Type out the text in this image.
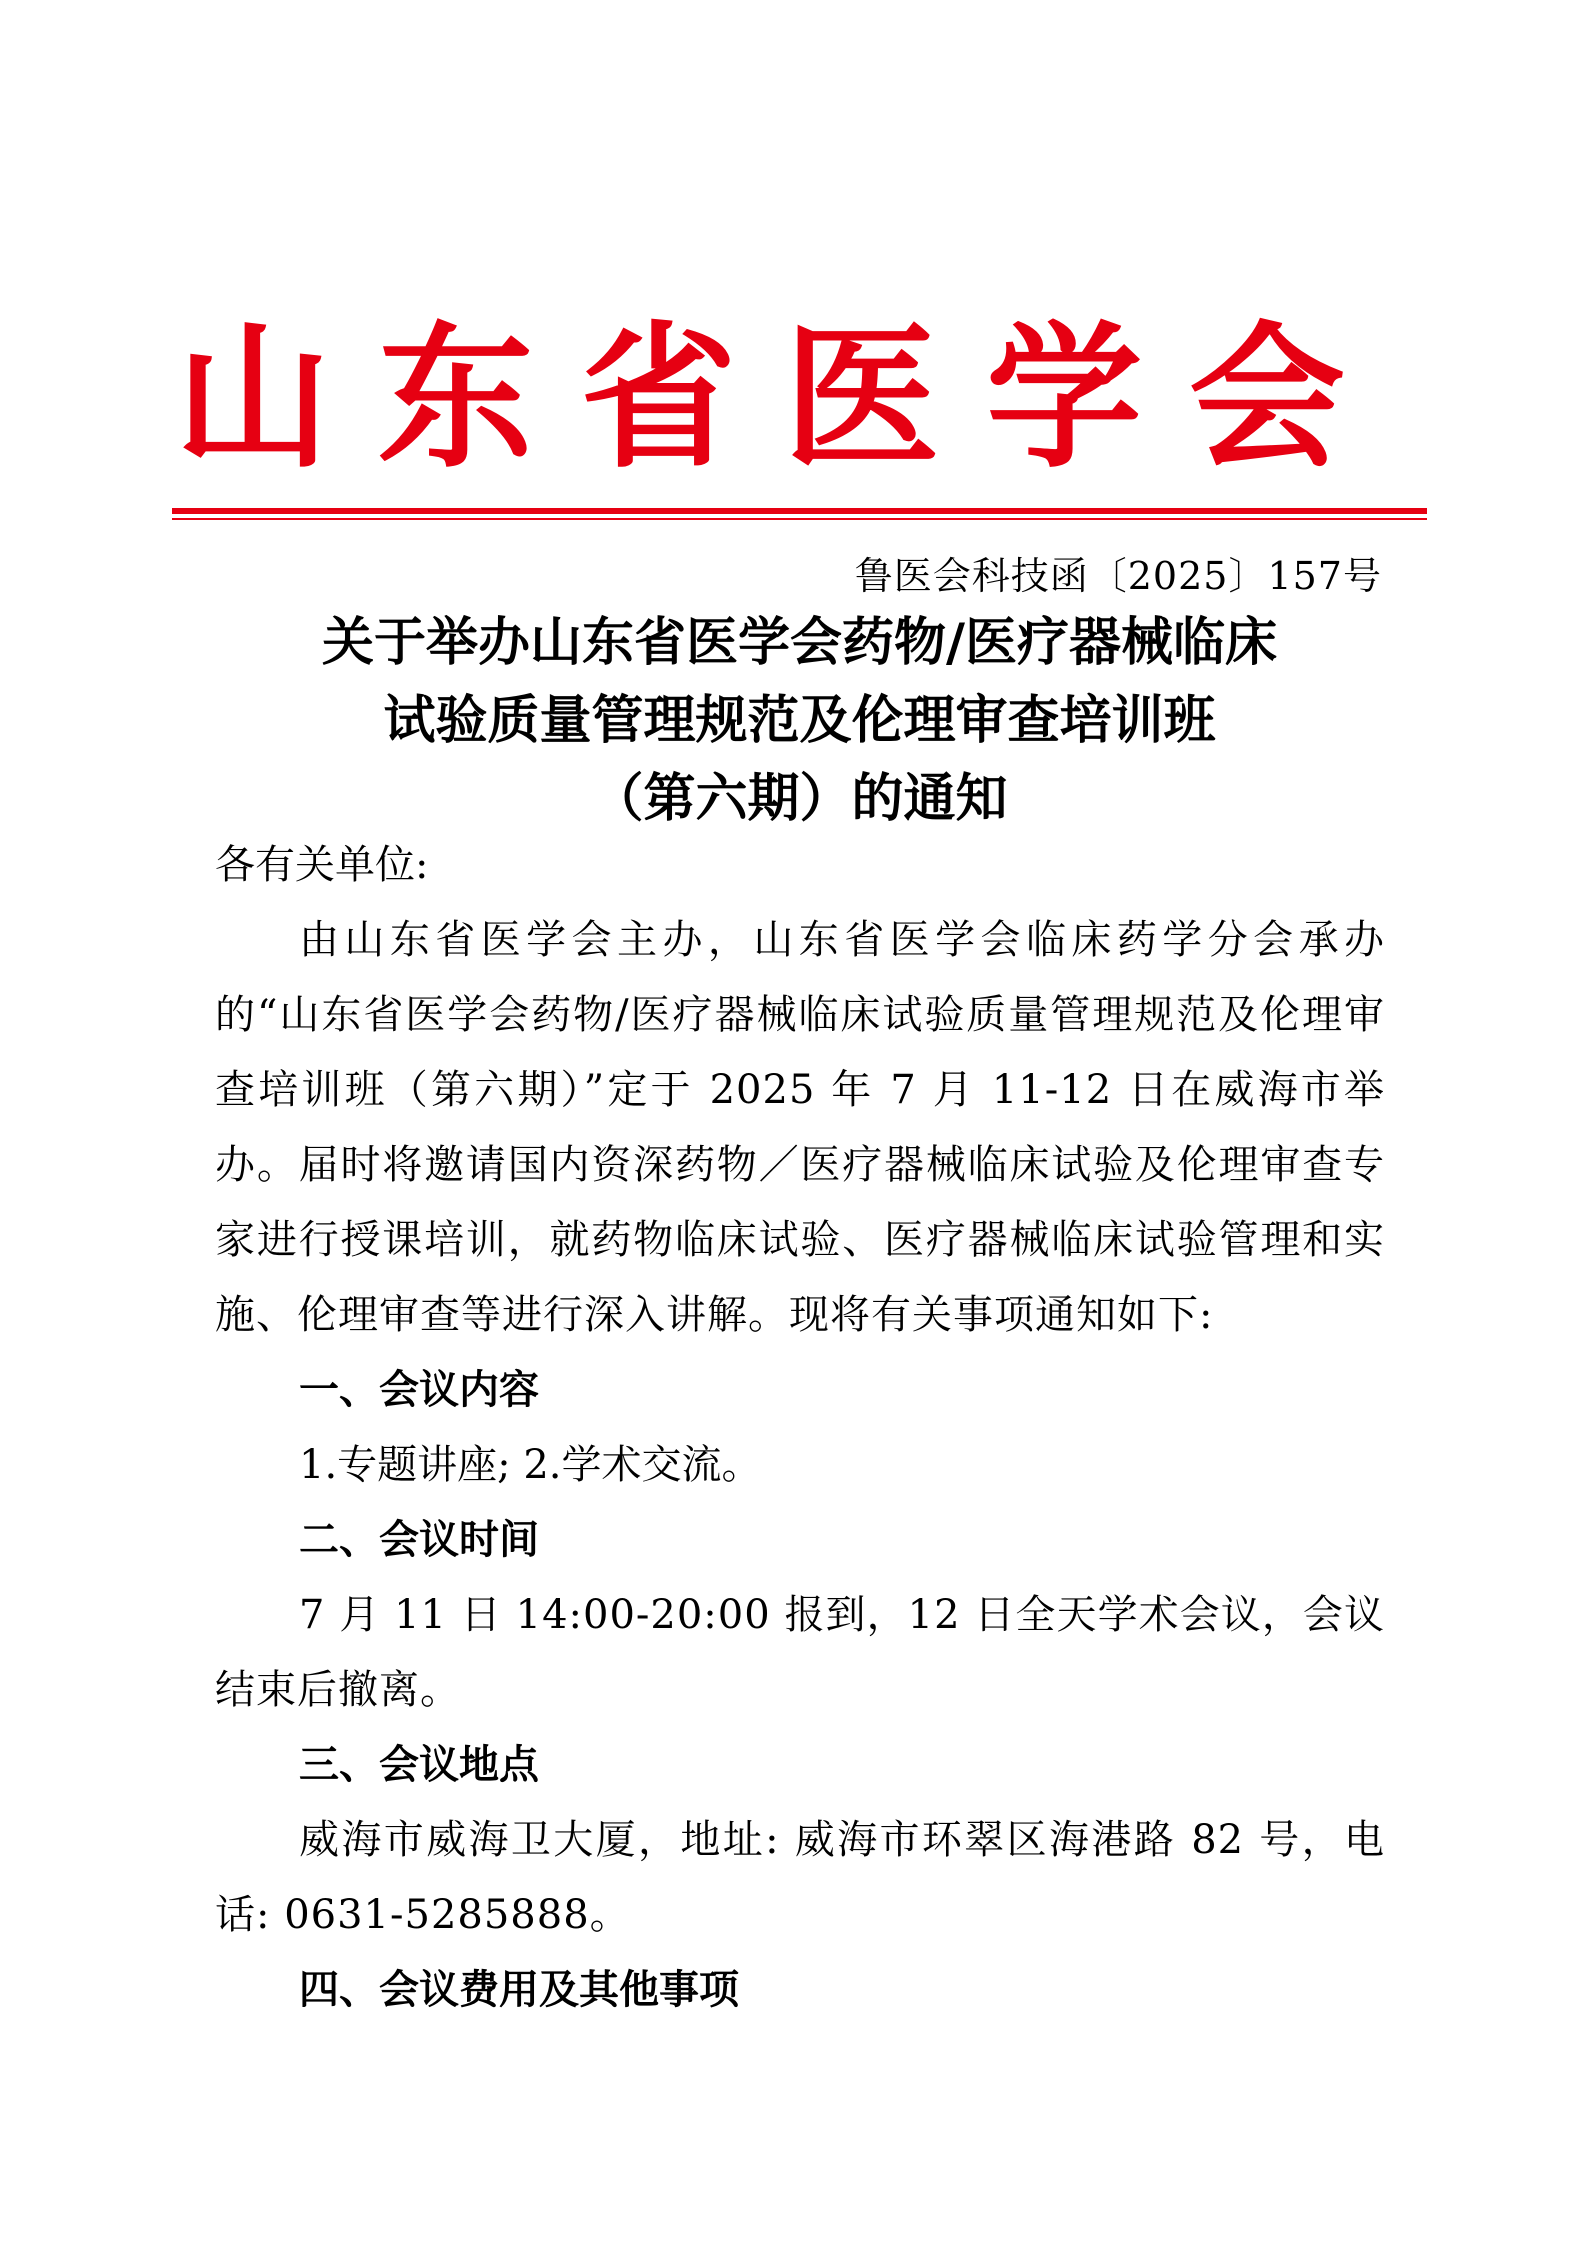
山 东 省 医 学 会
鲁医会科技函〔2025〕157号
关于举办山东省医学会药物/医疗器械临床
试验质量管理规范及伦理审查培训班
（第六期）的通知
各有关单位:
由山东省医学会主办，山东省医学会临床药学分会承办的“山东省医学会药物/医疗器械临床试验质量管理规范及伦理审查培训班（第六期）”定于 2025 年 7 月 11-12 日在威海市举办。届时将邀请国内资深药物／医疗器械临床试验及伦理审查专家进行授课培训，就药物临床试验、医疗器械临床试验管理和实施、伦理审查等进行深入讲解。现将有关事项通知如下:
一、会议内容
1.专题讲座; 2.学术交流。
二、会议时间
7 月 11 日 14:00-20:00 报到，12 日全天学术会议，会议结束后撤离。
三、会议地点
威海市威海卫大厦，地址: 威海市环翠区海港路 82 号，电话: 0631-5285888。
四、会议费用及其他事项
